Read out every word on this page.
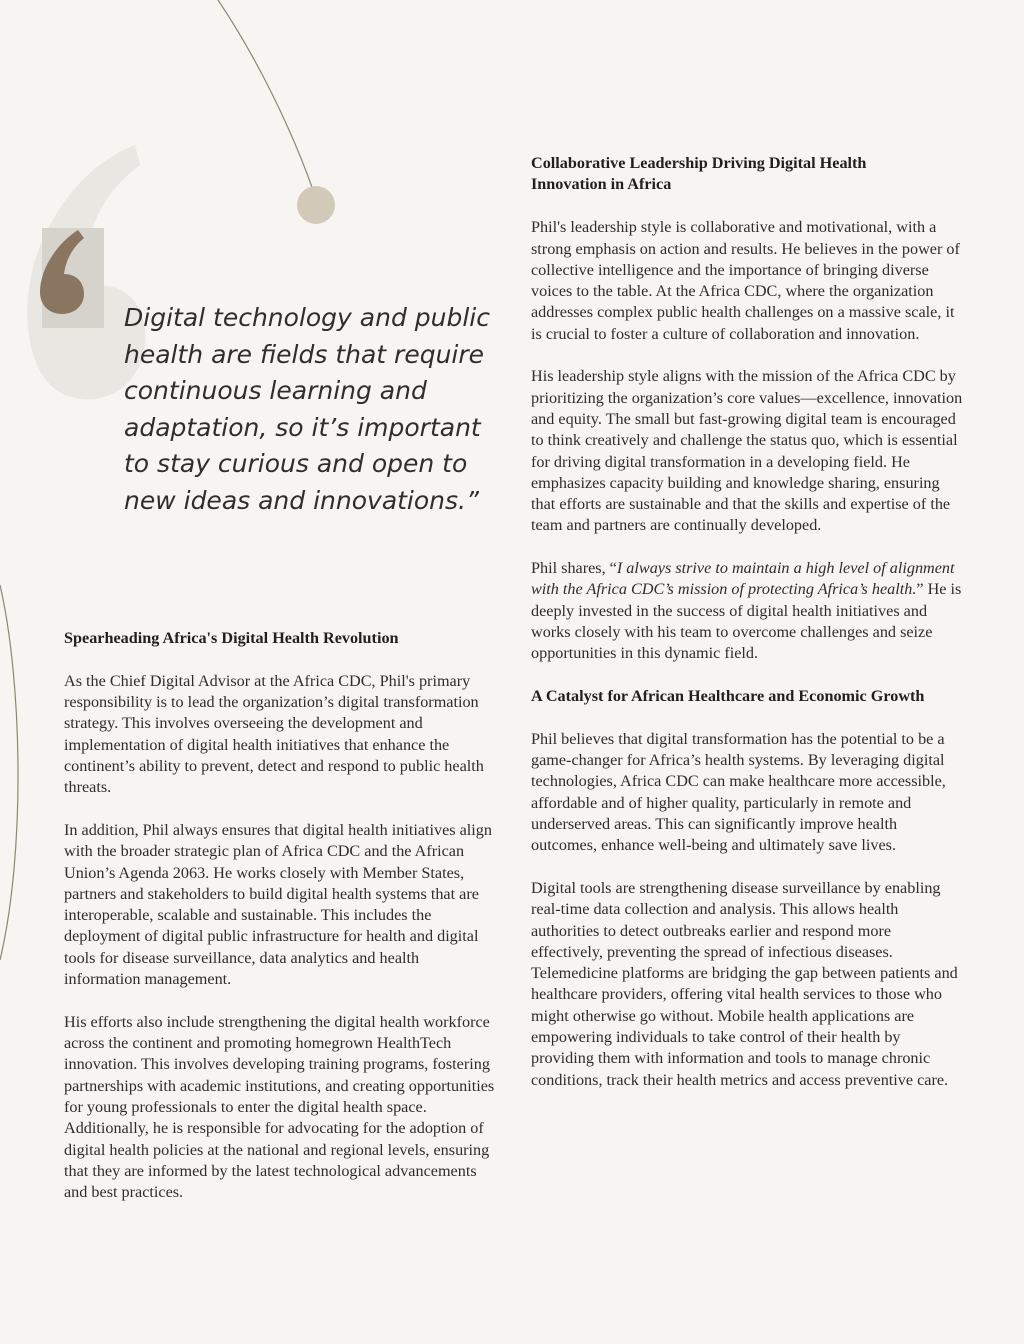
Digital technology and public health are fields that require continuous learning and adaptation, so it’s important to stay curious and open to new ideas and innovations.”

Spearheading Africa's Digital Health Revolution

As the Chief Digital Advisor at the Africa CDC, Phil's primary responsibility is to lead the organization’s digital transformation strategy. This involves overseeing the development and implementation of digital health initiatives that enhance the continent’s ability to prevent, detect and respond to public health threats.

In addition, Phil always ensures that digital health initiatives align with the broader strategic plan of Africa CDC and the African Union’s Agenda 2063. He works closely with Member States, partners and stakeholders to build digital health systems that are interoperable, scalable and sustainable. This includes the deployment of digital public infrastructure for health and digital tools for disease surveillance, data analytics and health information management.

His efforts also include strengthening the digital health workforce across the continent and promoting homegrown HealthTech innovation. This involves developing training programs, fostering partnerships with academic institutions, and creating opportunities for young professionals to enter the digital health space. Additionally, he is responsible for advocating for the adoption of digital health policies at the national and regional levels, ensuring that they are informed by the latest technological advancements and best practices.

Collaborative Leadership Driving Digital Health Innovation in Africa

Phil's leadership style is collaborative and motivational, with a strong emphasis on action and results. He believes in the power of collective intelligence and the importance of bringing diverse voices to the table. At the Africa CDC, where the organization addresses complex public health challenges on a massive scale, it is crucial to foster a culture of collaboration and innovation.

His leadership style aligns with the mission of the Africa CDC by prioritizing the organization’s core values—excellence, innovation and equity. The small but fast-growing digital team is encouraged to think creatively and challenge the status quo, which is essential for driving digital transformation in a developing field. He emphasizes capacity building and knowledge sharing, ensuring that efforts are sustainable and that the skills and expertise of the team and partners are continually developed.

Phil shares, “I always strive to maintain a high level of alignment with the Africa CDC’s mission of protecting Africa’s health.” He is deeply invested in the success of digital health initiatives and works closely with his team to overcome challenges and seize opportunities in this dynamic field.

A Catalyst for African Healthcare and Economic Growth

Phil believes that digital transformation has the potential to be a game-changer for Africa’s health systems. By leveraging digital technologies, Africa CDC can make healthcare more accessible, affordable and of higher quality, particularly in remote and underserved areas. This can significantly improve health outcomes, enhance well-being and ultimately save lives.

Digital tools are strengthening disease surveillance by enabling real-time data collection and analysis. This allows health authorities to detect outbreaks earlier and respond more effectively, preventing the spread of infectious diseases. Telemedicine platforms are bridging the gap between patients and healthcare providers, offering vital health services to those who might otherwise go without. Mobile health applications are empowering individuals to take control of their health by providing them with information and tools to manage chronic conditions, track their health metrics and access preventive care.
